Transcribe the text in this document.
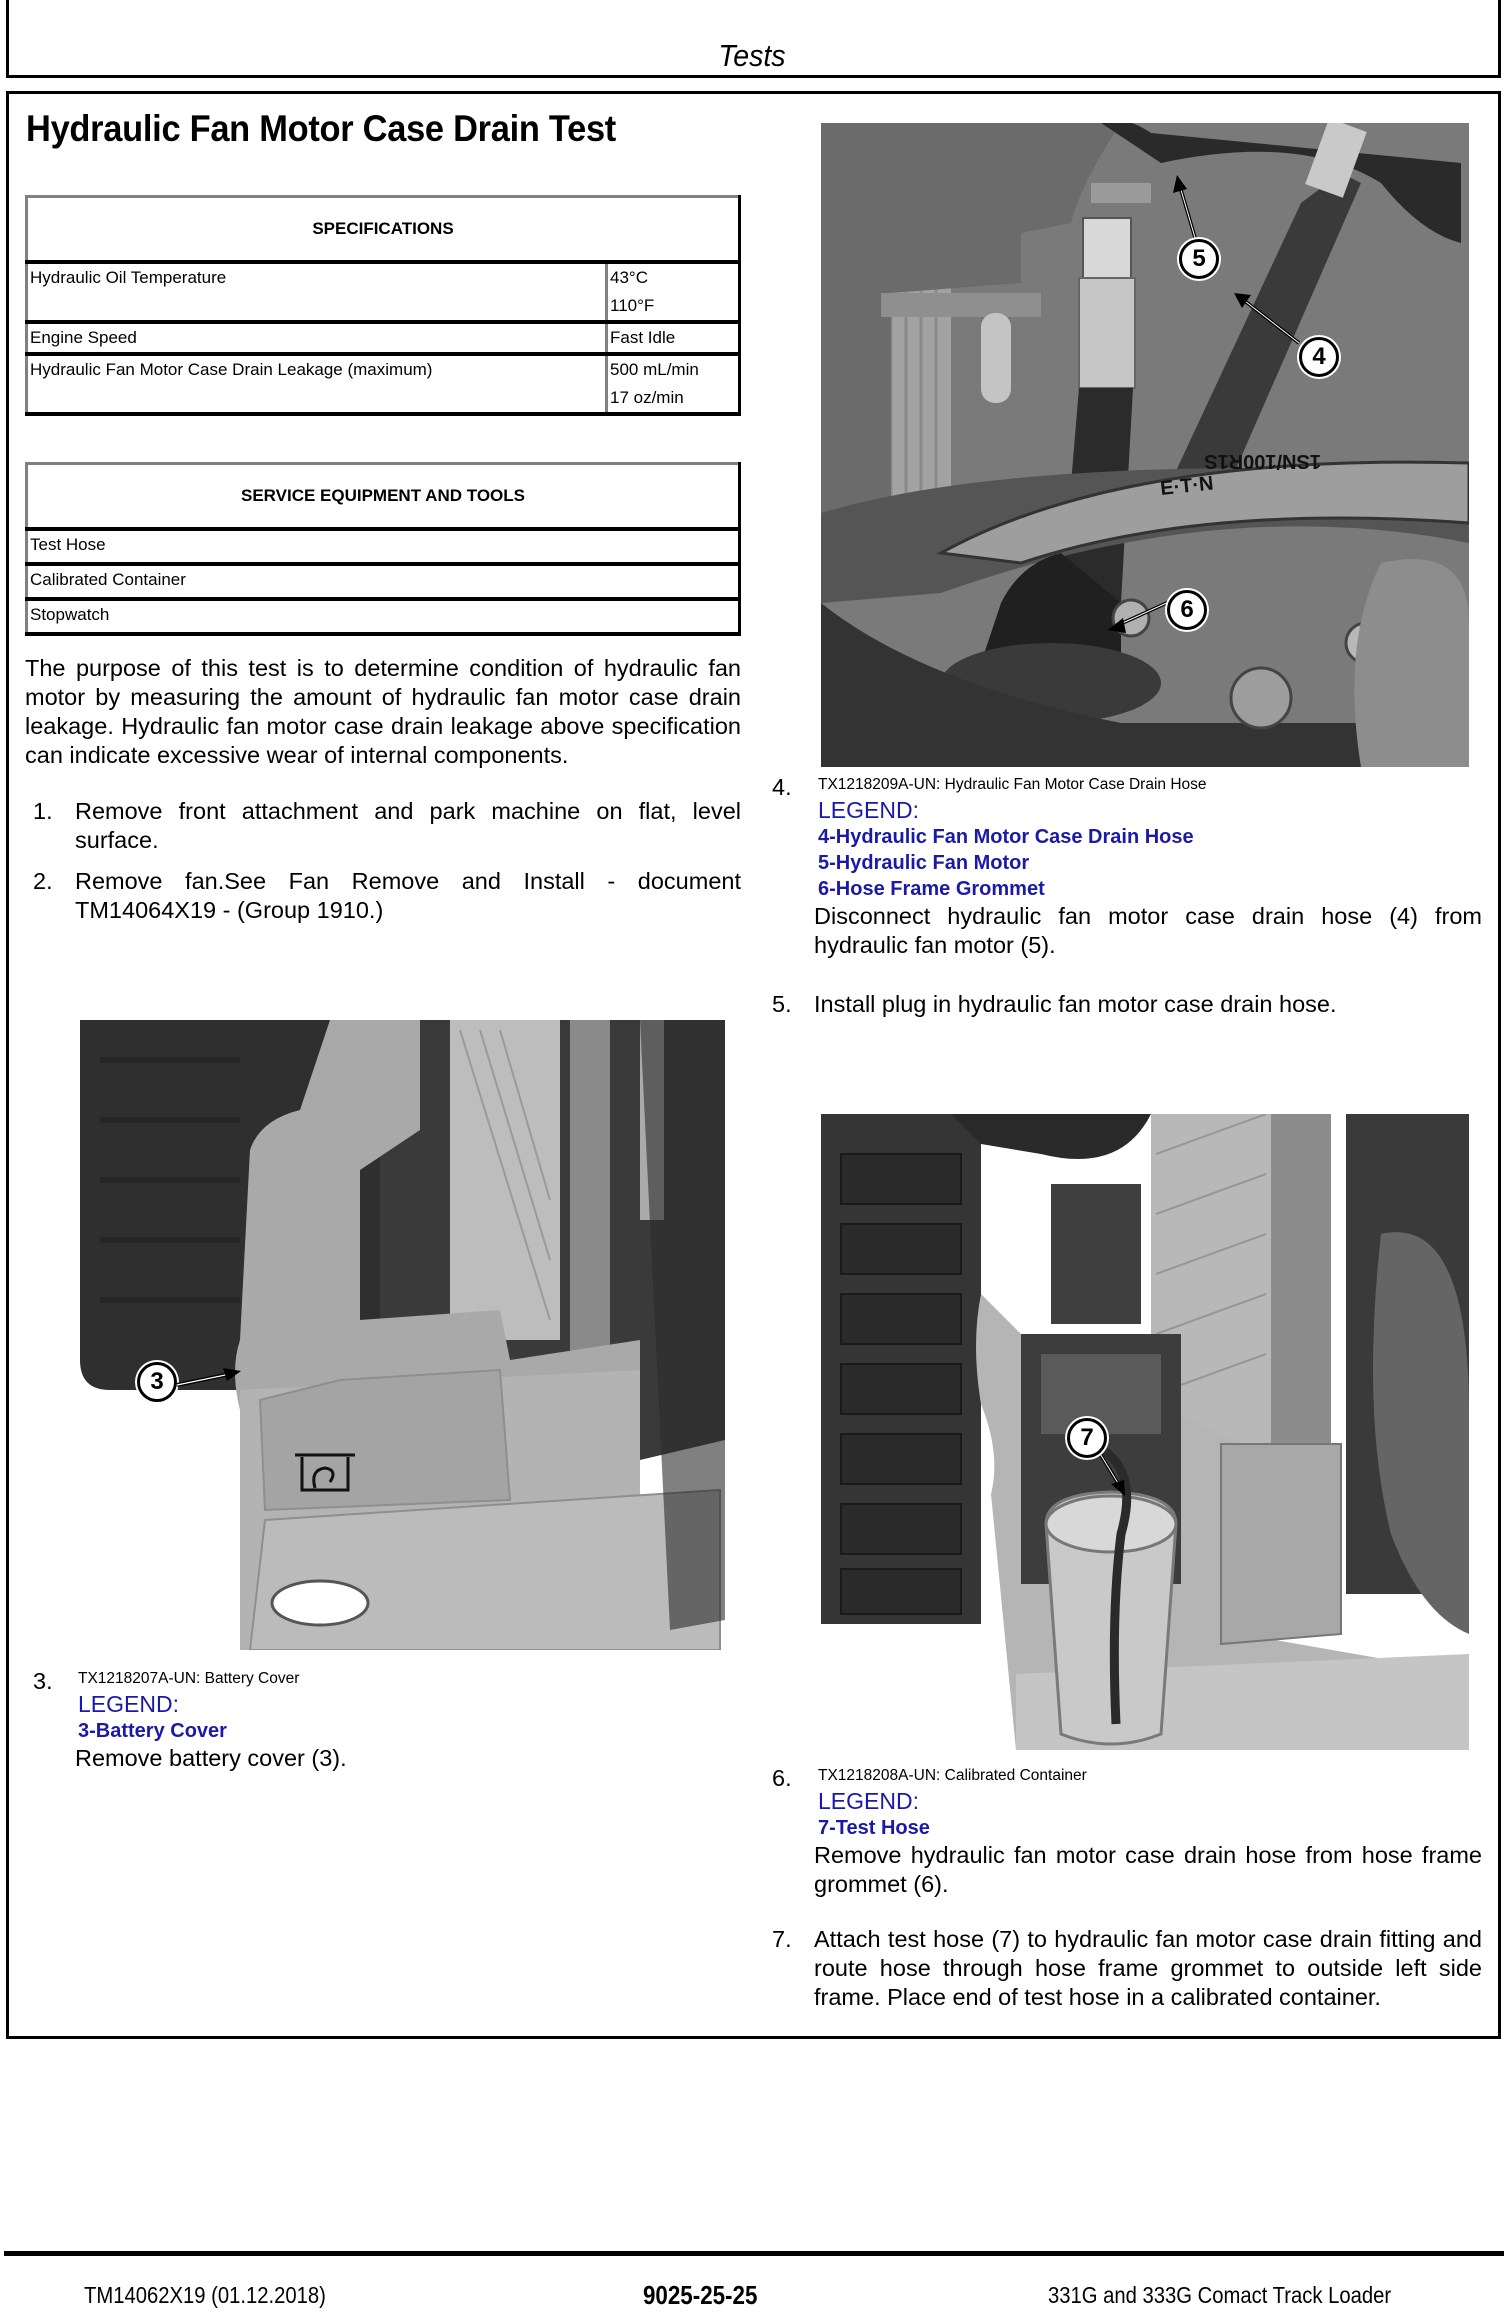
Tests
Hydraulic Fan Motor Case Drain Test
SPECIFICATIONS	
Hydraulic Oil Temperature	43°C
110°F

Engine Speed	Fast Idle
Hydraulic Fan Motor Case Drain Leakage (maximum)	500 mL/min
17 oz/min
SERVICE EQUIPMENT AND TOOLS
Test Hose
Calibrated Container
Stopwatch
The purpose of this test is to determine condition of hydraulic fan motor by measuring the amount of hydraulic fan motor case drain leakage. Hydraulic fan motor case drain leakage above specification can indicate excessive wear of internal components.
1. Remove front attachment and park machine on flat, level surface.
2. Remove fan.See Fan Remove and Install - document TM14064X19 - (Group 1910.)
3
3. TX1218207A-UN: Battery Cover
LEGEND:
3-Battery Cover
Remove battery cover (3).
E·T·N
1SN/100R1S
5
4
6
4. TX1218209A-UN: Hydraulic Fan Motor Case Drain Hose
LEGEND:
4-Hydraulic Fan Motor Case Drain Hose
5-Hydraulic Fan Motor
6-Hose Frame Grommet
Disconnect hydraulic fan motor case drain hose (4) from hydraulic fan motor (5).
5. Install plug in hydraulic fan motor case drain hose.
7
6. TX1218208A-UN: Calibrated Container
LEGEND:
7-Test Hose
Remove hydraulic fan motor case drain hose from hose frame grommet (6).
7. Attach test hose (7) to hydraulic fan motor case drain fitting and route hose through hose frame grommet to outside left side frame. Place end of test hose in a calibrated container.
TM14062X19 (01.12.2018)	9025-25-25	331G and 333G Comact Track Loader
